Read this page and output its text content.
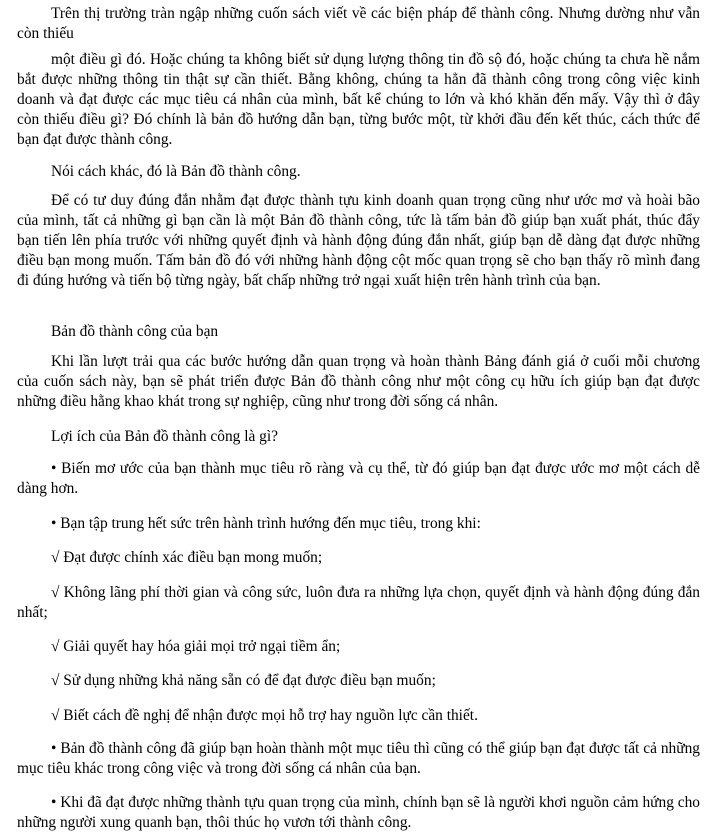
Trên thị trường tràn ngập những cuốn sách viết về các biện pháp để thành công. Nhưng dường như vẫn còn thiếu

một điều gì đó. Hoặc chúng ta không biết sử dụng lượng thông tin đồ sộ đó, hoặc chúng ta chưa hề nắm bắt được những thông tin thật sự cần thiết. Bằng không, chúng ta hẳn đã thành công trong công việc kinh doanh và đạt được các mục tiêu cá nhân của mình, bất kể chúng to lớn và khó khăn đến mấy. Vậy thì ở đây còn thiếu điều gì? Đó chính là bản đồ hướng dẫn bạn, từng bước một, từ khởi đầu đến kết thúc, cách thức để bạn đạt được thành công.

Nói cách khác, đó là Bản đồ thành công.

Để có tư duy đúng đắn nhằm đạt được thành tựu kinh doanh quan trọng cũng như ước mơ và hoài bão của mình, tất cả những gì bạn cần là một Bản đồ thành công, tức là tấm bản đồ giúp bạn xuất phát, thúc đẩy bạn tiến lên phía trước với những quyết định và hành động đúng đắn nhất, giúp bạn dễ dàng đạt được những điều bạn mong muốn. Tấm bản đồ đó với những hành động cột mốc quan trọng sẽ cho bạn thấy rõ mình đang đi đúng hướng và tiến bộ từng ngày, bất chấp những trở ngại xuất hiện trên hành trình của bạn.

Bản đồ thành công của bạn

Khi lần lượt trải qua các bước hướng dẫn quan trọng và hoàn thành Bảng đánh giá ở cuối mỗi chương của cuốn sách này, bạn sẽ phát triển được Bản đồ thành công như một công cụ hữu ích giúp bạn đạt được những điều hằng khao khát trong sự nghiệp, cũng như trong đời sống cá nhân.

Lợi ích của Bản đồ thành công là gì?

• Biến mơ ước của bạn thành mục tiêu rõ ràng và cụ thể, từ đó giúp bạn đạt được ước mơ một cách dễ dàng hơn.

• Bạn tập trung hết sức trên hành trình hướng đến mục tiêu, trong khi:

√ Đạt được chính xác điều bạn mong muốn;

√ Không lãng phí thời gian và công sức, luôn đưa ra những lựa chọn, quyết định và hành động đúng đắn nhất;

√ Giải quyết hay hóa giải mọi trở ngại tiềm ẩn;

√ Sử dụng những khả năng sẵn có để đạt được điều bạn muốn;

√ Biết cách đề nghị để nhận được mọi hỗ trợ hay nguồn lực cần thiết.

• Bản đồ thành công đã giúp bạn hoàn thành một mục tiêu thì cũng có thể giúp bạn đạt được tất cả những mục tiêu khác trong công việc và trong đời sống cá nhân của bạn.

• Khi đã đạt được những thành tựu quan trọng của mình, chính bạn sẽ là người khơi nguồn cảm hứng cho những người xung quanh bạn, thôi thúc họ vươn tới thành công.
